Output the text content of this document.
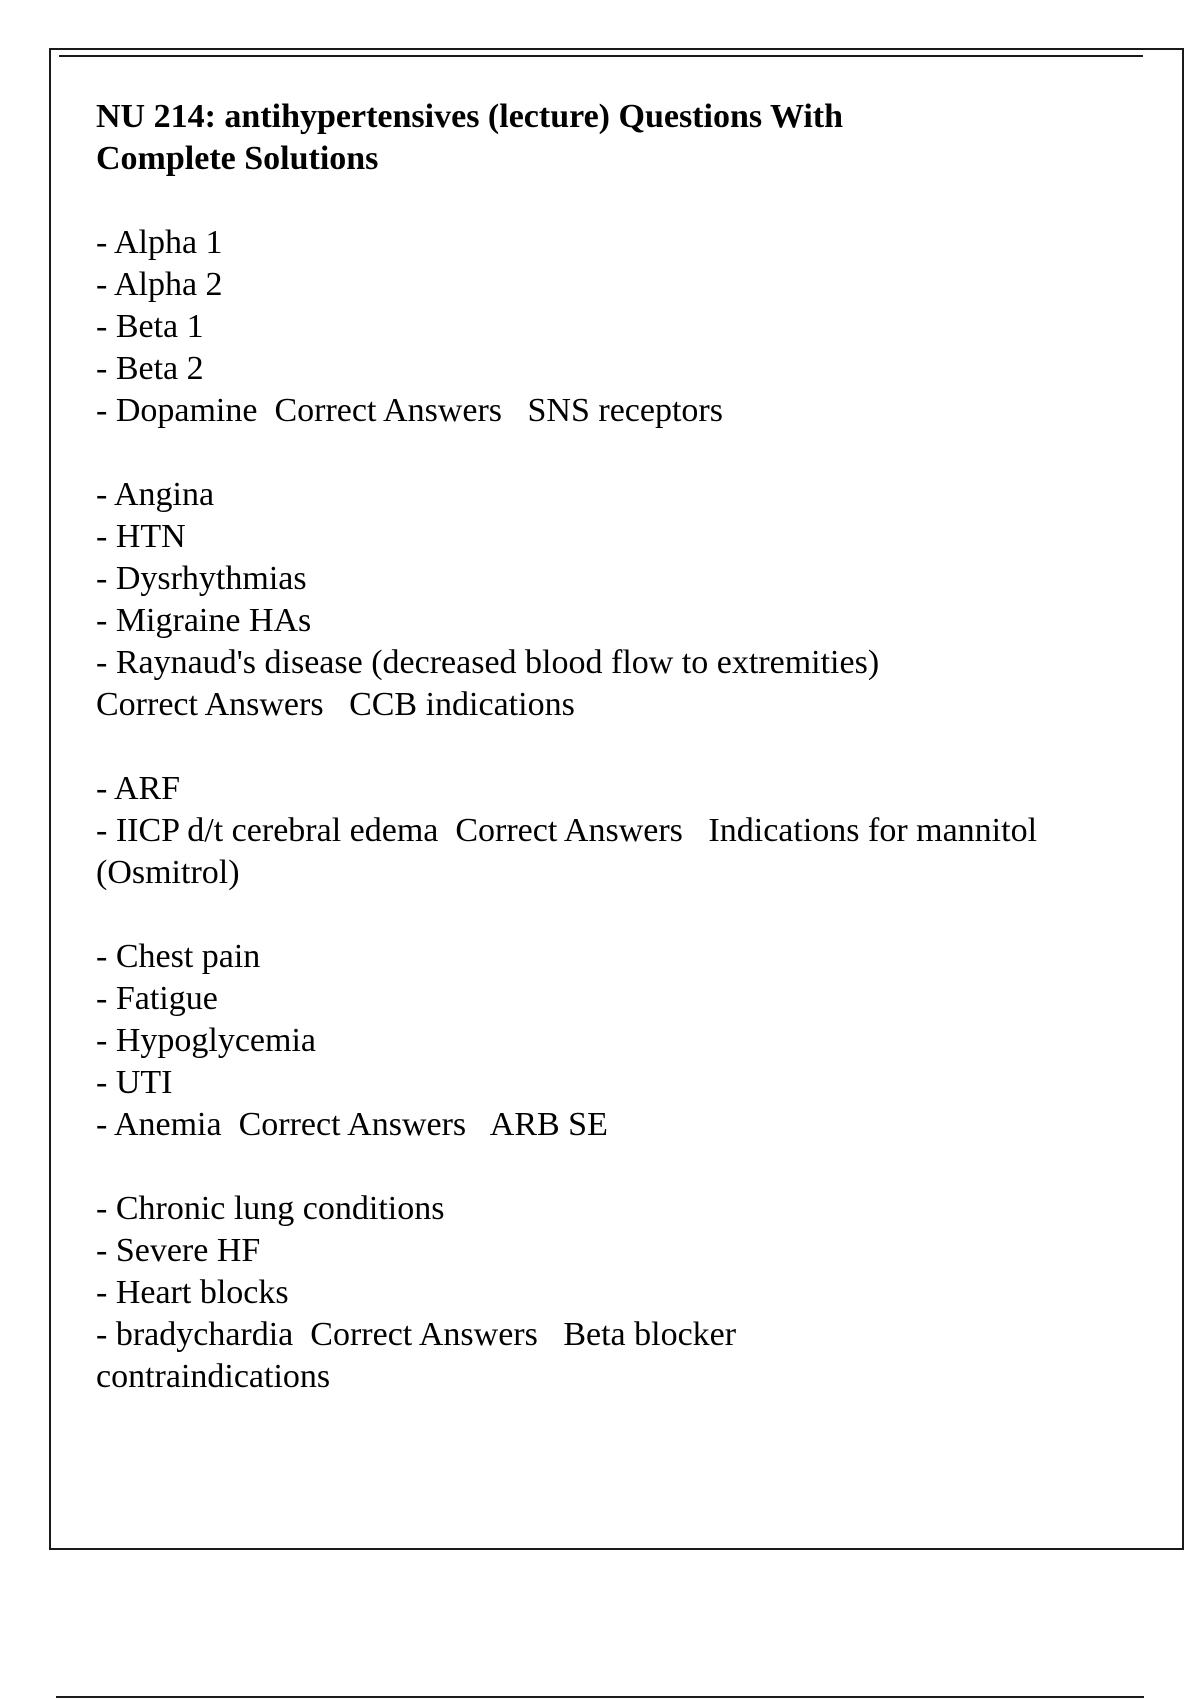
NU 214: antihypertensives (lecture) Questions With Complete Solutions
- Alpha 1
- Alpha 2
- Beta 1
- Beta 2
- Dopamine Correct Answers SNS receptors
- Angina
- HTN
- Dysrhythmias
- Migraine HAs
- Raynaud's disease (decreased blood flow to extremities)
Correct Answers CCB indications
- ARF
- IICP d/t cerebral edema Correct Answers Indications for mannitol (Osmitrol)
- Chest pain
- Fatigue
- Hypoglycemia
- UTI
- Anemia Correct Answers ARB SE
- Chronic lung conditions
- Severe HF
- Heart blocks
- bradychardia Correct Answers Beta blocker contraindications
